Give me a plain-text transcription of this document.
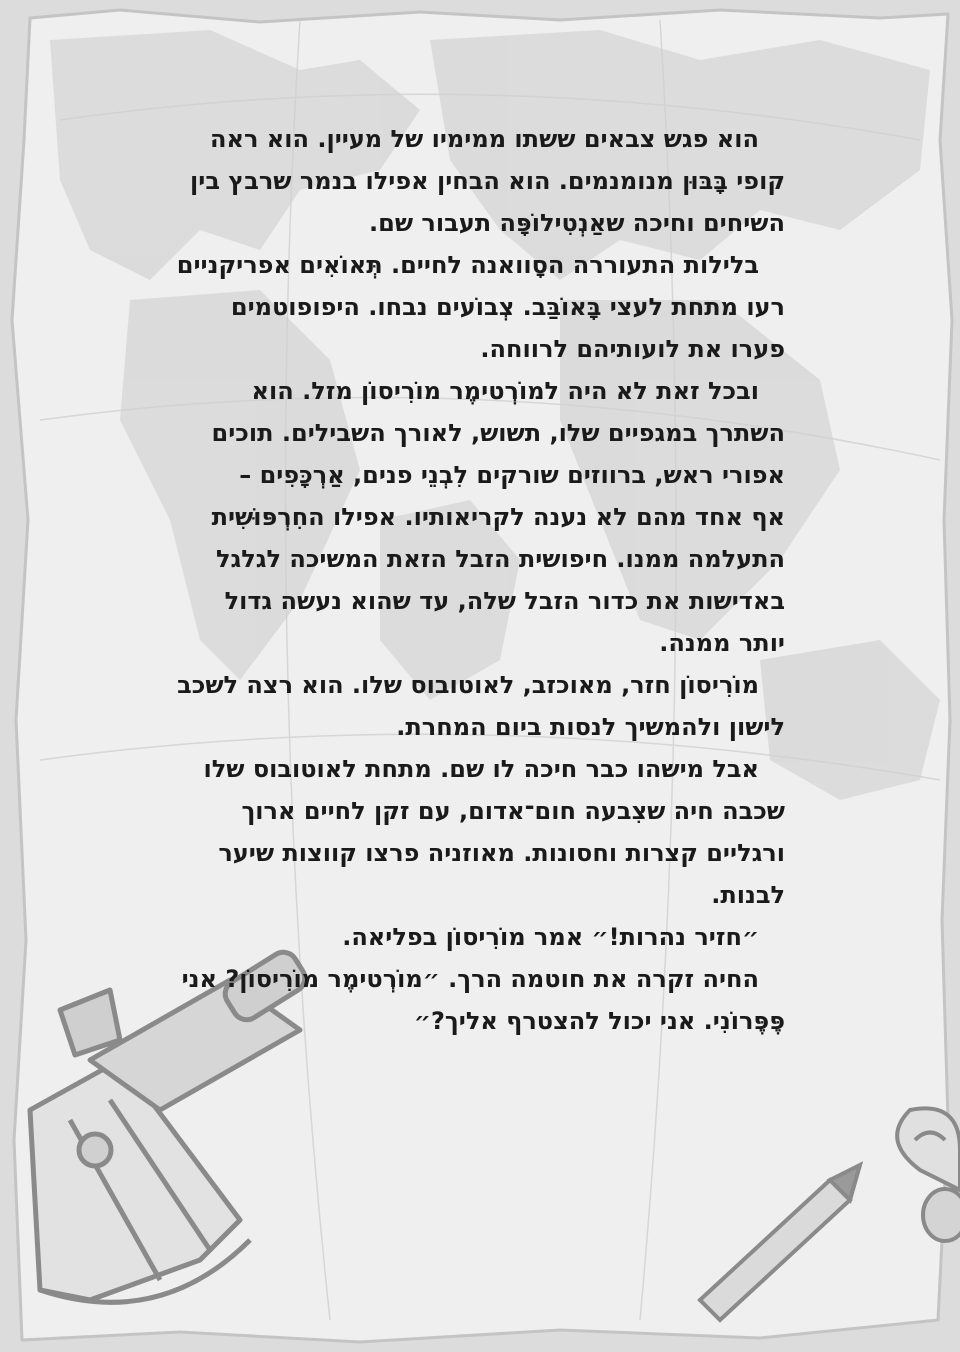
הוא פגש צבאים ששתו ממימיו של מעיין. הוא ראה
קופי בָּבּוּן מנומנמים. הוא הבחין אפילו בנמר שרבץ בין
השיחים וחיכה שאַנְטִילוֹפָּה תעבור שם.

בלילות התעוררה הסָוואנה לחיים. תְּאוֹאִים אפריקניים
רעו מתחת לעצי בָּאוֹבַּב. צְבוֹעים נבחו. היפופוטמים
פערו את לועותיהם לרווחה.

ובכל זאת לא היה למוֹרְטימֶר מוֹרִיסוֹן מזל. הוא
השתרך במגפיים שלו, תשוש, לאורך השבילים. תוכים
אפורי ראש, ברווזים שורקים לִבְנֵי פנים, אַרְכָּפִים –
אף אחד מהם לא נענה לקריאותיו. אפילו החִרְפּוּשִׁית
התעלמה ממנו. חיפושית הזבל הזאת המשיכה לגלגל
באדישות את כדור הזבל שלה, עד שהוא נעשה גדול
יותר ממנה.

מוֹרִיסוֹן חזר, מאוכזב, לאוטובוס שלו. הוא רצה לשכב
לישון ולהמשיך לנסות ביום המחרת.

אבל מישהו כבר חיכה לו שם. מתחת לאוטובוס שלו
שכבה חיה שצִבעה חום־אדום, עם זקן לחיים ארוך
ורגליים קצרות וחסונות. מאוזניה פרצו קווצות שיער
לבנות.

״חזיר נהרות!״ אמר מוֹרִיסוֹן בפליאה.

החיה זקרה את חוטמה הרך. ״מוֹרְטימֶר מוֹרִיסוֹן? אני
פֶּפֶּרוֹנִי. אני יכול להצטרף אליך?״
